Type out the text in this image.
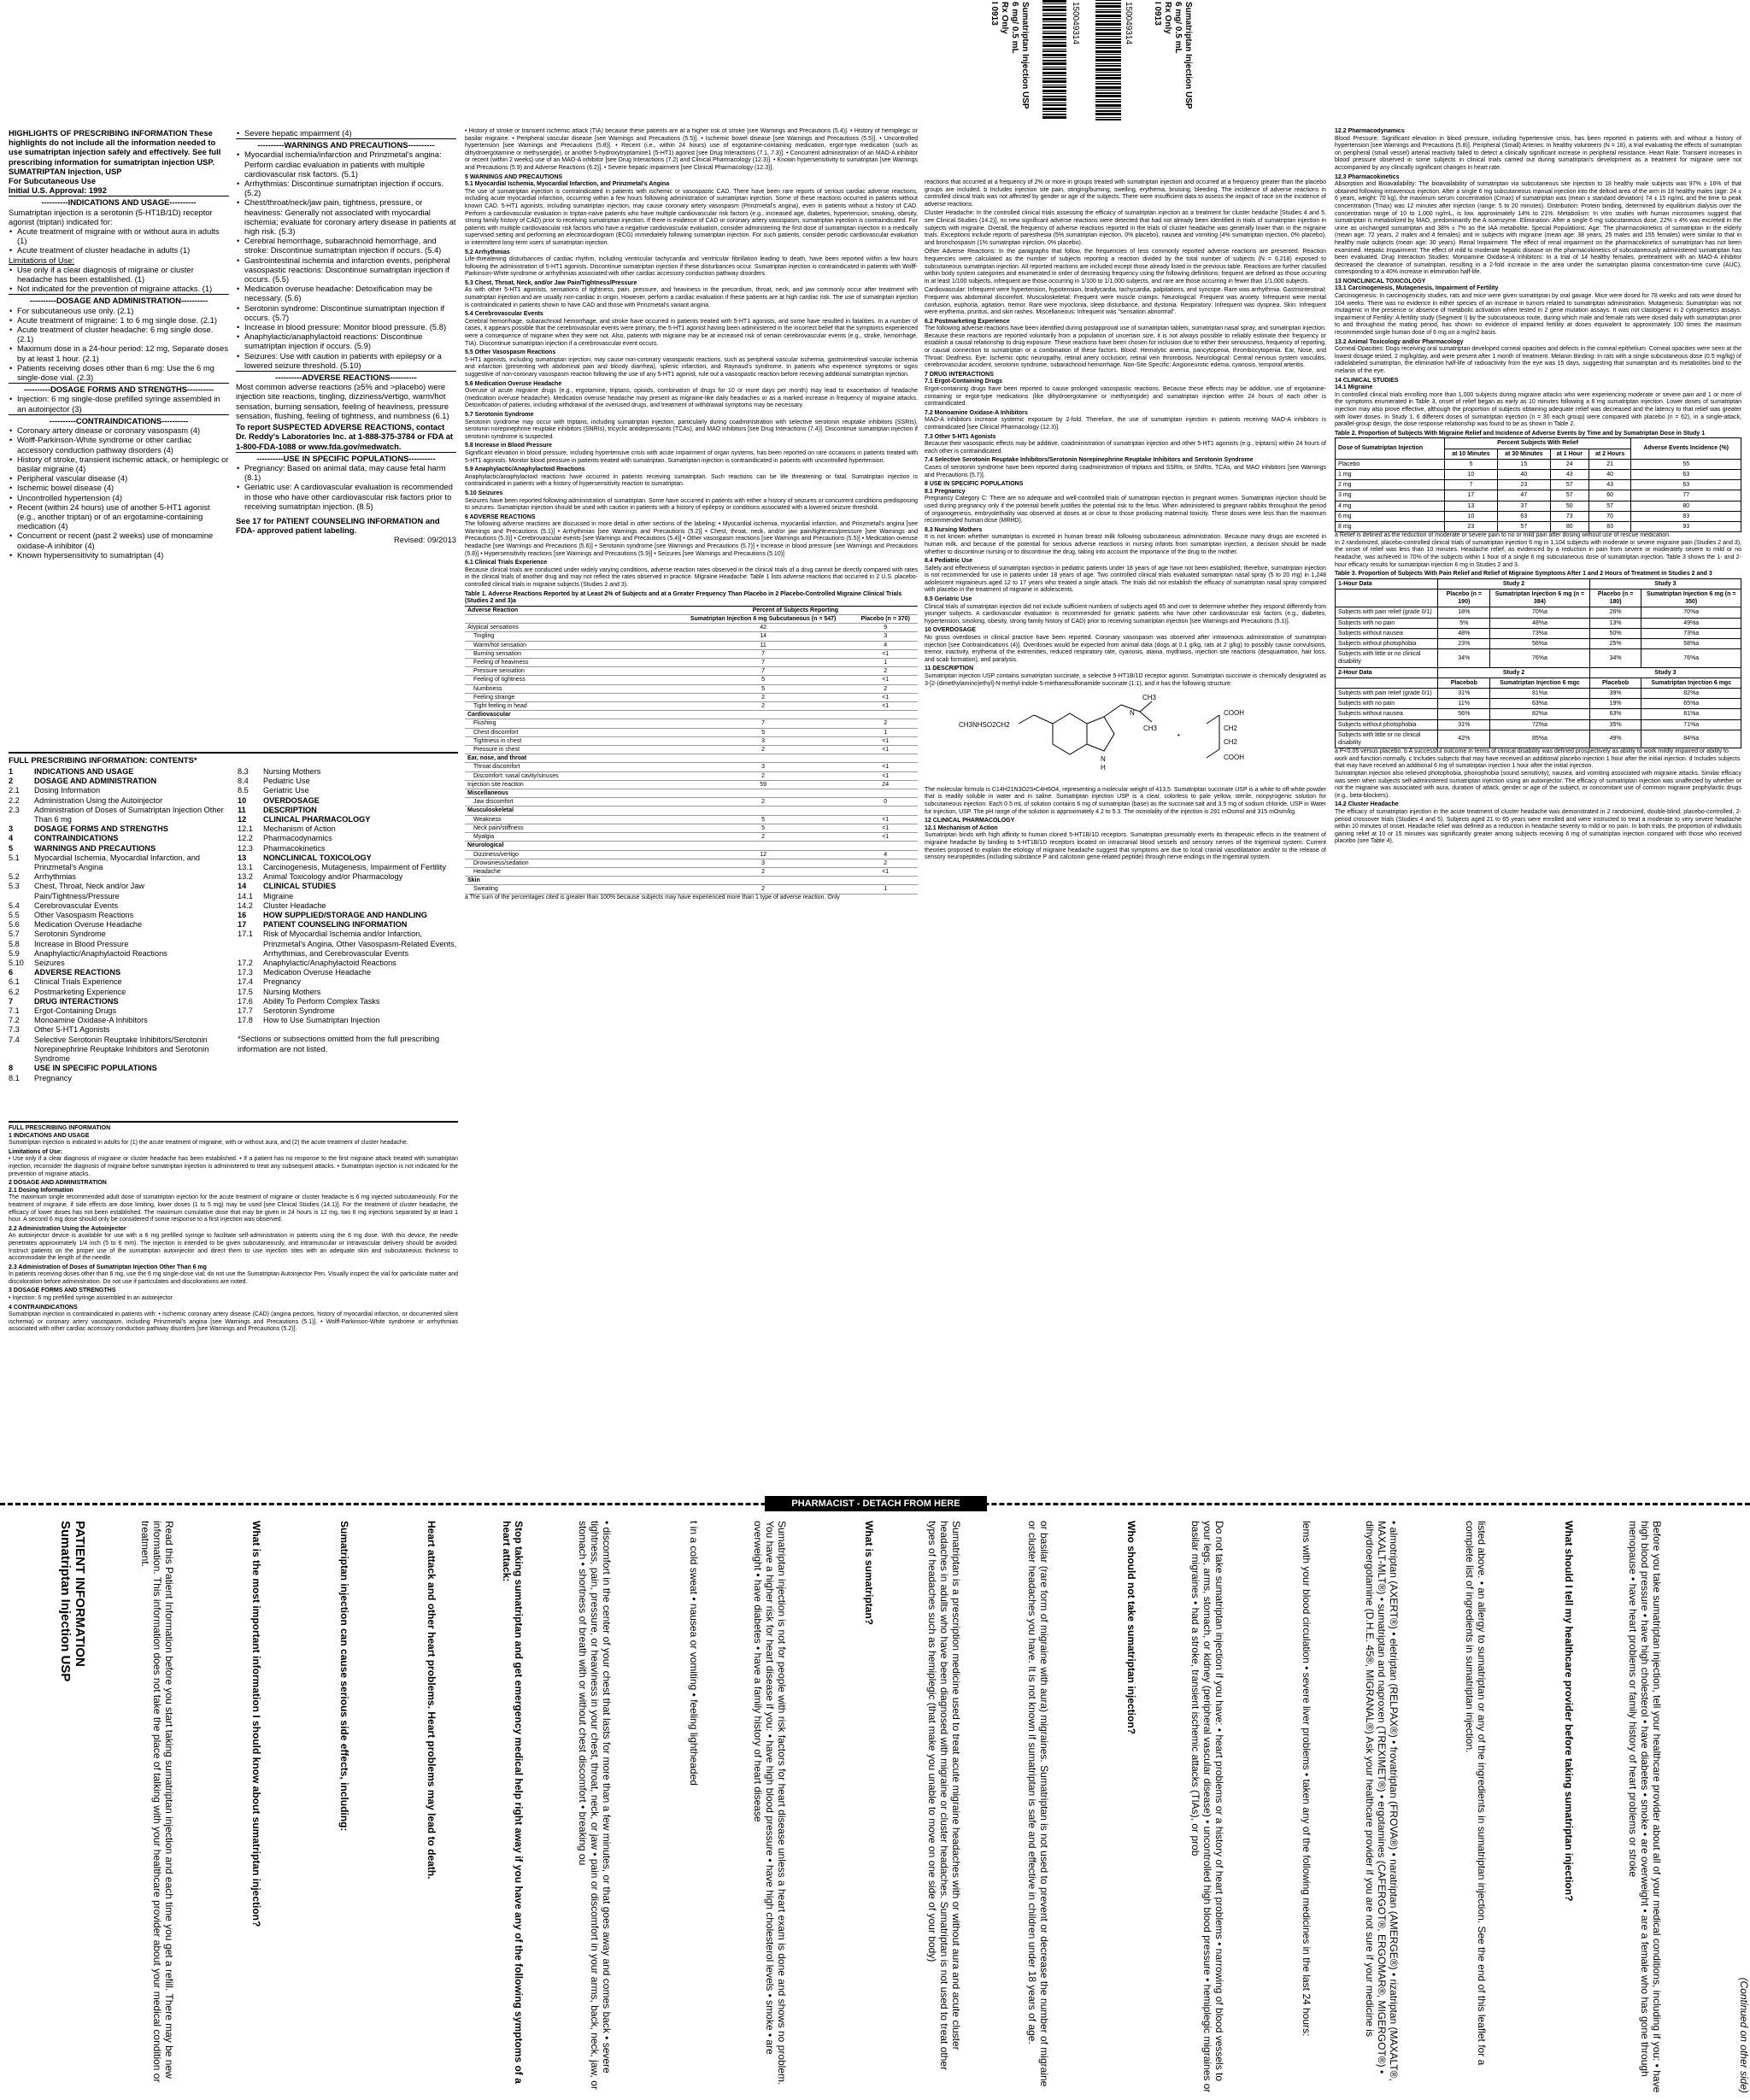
Sumatriptan Injection USP
6 mg/ 0.5 mL
Rx Only
I 0913	150049314	150049314	Sumatriptan Injection USP
6 mg/ 0.5 mL
Rx Only
I 0913
HIGHLIGHTS OF PRESCRIBING INFORMATION These highlights do not include all the information needed to use sumatriptan injection safely and effectively. See full prescribing information for sumatriptan injection USP.
SUMATRIPTAN Injection, USP
For Subcutaneous Use
Initial U.S. Approval: 1992
----------INDICATIONS AND USAGE----------
Sumatriptan injection is a serotonin (5-HT1B/1D) receptor agonist (triptan) indicated for:
• Acute treatment of migraine with or without aura in adults (1)
• Acute treatment of cluster headache in adults (1)
Limitations of Use:
• Use only if a clear diagnosis of migraine or cluster headache has been established. (1)
• Not indicated for the prevention of migraine attacks. (1)
----------DOSAGE AND ADMINISTRATION----------
• For subcutaneous use only. (2.1)
• Acute treatment of migraine: 1 to 6 mg single dose. (2.1)
• Acute treatment of cluster headache: 6 mg single dose. (2.1)
• Maximum dose in a 24-hour period: 12 mg, Separate doses by at least 1 hour. (2.1)
• Patients receiving doses other than 6 mg: Use the 6 mg single-dose vial. (2.3)
----------DOSAGE FORMS AND STRENGTHS----------
• Injection: 6 mg single-dose prefilled syringe assembled in an autoinjector (3)
----------CONTRAINDICATIONS----------
• Coronary artery disease or coronary vasospasm (4)
• Wolff-Parkinson-White syndrome or other cardiac accessory conduction pathway disorders (4)
• History of stroke, transient ischemic attack, or hemiplegic or basilar migraine (4)
• Peripheral vascular disease (4)
• Ischemic bowel disease (4)
• Uncontrolled hypertension (4)
• Recent (within 24 hours) use of another 5-HT1 agonist (e.g., another triptan) or of an ergotamine-containing medication (4)
• Concurrent or recent (past 2 weeks) use of monoamine oxidase-A inhibitor (4)
• Known hypersensitivity to sumatriptan (4)
• Severe hepatic impairment (4)
----------WARNINGS AND PRECAUTIONS----------
• Myocardial ischemia/infarction and Prinzmetal's angina: Perform cardiac evaluation in patients with multiple cardiovascular risk factors. (5.1)
• Arrhythmias: Discontinue sumatriptan injection if occurs. (5.2)
• Chest/throat/neck/jaw pain, tightness, pressure, or heaviness: Generally not associated with myocardial ischemia; evaluate for coronary artery disease in patients at high risk. (5.3)
• Cerebral hemorrhage, subarachnoid hemorrhage, and stroke: Discontinue sumatriptan injection if occurs. (5.4)
• Gastrointestinal ischemia and infarction events, peripheral vasospastic reactions: Discontinue sumatriptan injection if occurs. (5.5)
• Medication overuse headache: Detoxification may be necessary. (5.6)
• Serotonin syndrome: Discontinue sumatriptan injection if occurs. (5.7)
• Increase in blood pressure: Monitor blood pressure. (5.8)
• Anaphylactic/anaphylactoid reactions: Discontinue sumatriptan injection if occurs. (5.9)
• Seizures: Use with caution in patients with epilepsy or a lowered seizure threshold. (5.10)
----------ADVERSE REACTIONS----------
Most common adverse reactions (≥5% and >placebo) were injection site reactions, tingling, dizziness/vertigo, warm/hot sensation, burning sensation, feeling of heaviness, pressure sensation, flushing, feeling of tightness, and numbness (6.1)
To report SUSPECTED ADVERSE REACTIONS, contact Dr. Reddy's Laboratories Inc. at 1-888-375-3784 or FDA at 1-800-FDA-1088 or www.fda.gov/medwatch.
----------USE IN SPECIFIC POPULATIONS----------
• Pregnancy: Based on animal data, may cause fetal harm (8.1)
• Geriatric use: A cardiovascular evaluation is recommended in those who have other cardiovascular risk factors prior to receiving sumatriptan injection. (8.5)
See 17 for PATIENT COUNSELING INFORMATION and FDA- approved patient labeling.
Revised: 09/2013
FULL PRESCRIBING INFORMATION: CONTENTS*
1	INDICATIONS AND USAGE
2	DOSAGE AND ADMINISTRATION
2.1	Dosing Information
2.2	Administration Using the Autoinjector
2.3	Administration of Doses of Sumatriptan Injection Other Than 6 mg
3	DOSAGE FORMS AND STRENGTHS
4	CONTRAINDICATIONS
5	WARNINGS AND PRECAUTIONS
5.1	Myocardial Ischemia, Myocardial Infarction, and Prinzmetal's Angina
5.2	Arrhythmias
5.3	Chest, Throat, Neck and/or Jaw Pain/Tightness/Pressure
5.4	Cerebrovascular Events
5.5	Other Vasospasm Reactions
5.6	Medication Overuse Headache
5.7	Serotonin Syndrome
5.8	Increase in Blood Pressure
5.9	Anaphylactic/Anaphylactoid Reactions
5.10	Seizures
6	ADVERSE REACTIONS
6.1	Clinical Trials Experience
6.2	Postmarketing Experience
7	DRUG INTERACTIONS
7.1	Ergot-Containing Drugs
7.2	Monoamine Oxidase-A Inhibitors
7.3	Other 5-HT1 Agonists
7.4	Selective Serotonin Reuptake Inhibitors/Serotonin Norepinephrine Reuptake Inhibitors and Serotonin Syndrome
8	USE IN SPECIFIC POPULATIONS
8.1	Pregnancy
8.3	Nursing Mothers
8.4	Pediatric Use
8.5	Geriatric Use
10	OVERDOSAGE
11	DESCRIPTION
12	CLINICAL PHARMACOLOGY
12.1	Mechanism of Action
12.2	Pharmacodynamics
12.3	Pharmacokinetics
13	NONCLINICAL TOXICOLOGY
13.1	Carcinogenesis, Mutagenesis, Impairment of Fertility
13.2	Animal Toxicology and/or Pharmacology
14	CLINICAL STUDIES
14.1	Migraine
14.2	Cluster Headache
16	HOW SUPPLIED/STORAGE AND HANDLING
17	PATIENT COUNSELING INFORMATION
17.1	Risk of Myocardial Ischemia and/or Infarction, Prinzmetal's Angina, Other Vasospasm-Related Events, Arrhythmias, and Cerebrovascular Events
17.2	Anaphylactic/Anaphylactoid Reactions
17.3	Medication Overuse Headache
17.4	Pregnancy
17.5	Nursing Mothers
17.6	Ability To Perform Complex Tasks
17.7	Serotonin Syndrome
17.8	How to Use Sumatriptan Injection
*Sections or subsections omitted from the full prescribing information are not listed.
FULL PRESCRIBING INFORMATION
1 INDICATIONS AND USAGE
Sumatriptan injection is indicated in adults for (1) the acute treatment of migraine, with or without aura, and (2) the acute treatment of cluster headache.
Limitations of Use:
• Use only if a clear diagnosis of migraine or cluster headache has been established. • If a patient has no response to the first migraine attack treated with sumatriptan injection, reconsider the diagnosis of migraine before sumatriptan injection is administered to treat any subsequent attacks. • Sumatriptan injection is not indicated for the prevention of migraine attacks.
2 DOSAGE AND ADMINISTRATION
2.1 Dosing Information
The maximum single recommended adult dose of sumatriptan injection for the acute treatment of migraine or cluster headache is 6 mg injected subcutaneously. For the treatment of migraine, if side effects are dose limiting, lower doses (1 to 5 mg) may be used [see Clinical Studies (14.1)]. For the treatment of cluster headache, the efficacy of lower doses has not been established. The maximum cumulative dose that may be given in 24 hours is 12 mg, two 6 mg injections separated by at least 1 hour. A second 6 mg dose should only be considered if some response to a first injection was observed.
2.2 Administration Using the Autoinjector
An autoinjector device is available for use with a 6 mg prefilled syringe to facilitate self-administration in patients using the 6 mg dose. With this device, the needle penetrates approximately 1/4 inch (5 to 6 mm). The injection is intended to be given subcutaneously, and intramuscular or intravascular delivery should be avoided. Instruct patients on the proper use of the sumatriptan autoinjector and direct them to use injection sites with an adequate skin and subcutaneous thickness to accommodate the length of the needle.
2.3 Administration of Doses of Sumatriptan Injection Other Than 6 mg
In patients receiving doses other than 6 mg, use the 6 mg single-dose vial; do not use the Sumatriptan Autoinjector Pen. Visually inspect the vial for particulate matter and discoloration before administration. Do not use if particulates and discolorations are noted.
3 DOSAGE FORMS AND STRENGTHS
• Injection: 6 mg prefilled syringe assembled in an autoinjector
4 CONTRAINDICATIONS
Sumatriptan injection is contraindicated in patients with: • Ischemic coronary artery disease (CAD) (angina pectoris, history of myocardial infarction, or documented silent ischemia) or coronary artery vasospasm, including Prinzmetal's angina [see Warnings and Precautions (5.1)]. • Wolff-Parkinson-White syndrome or arrhythmias associated with other cardiac accessory conduction pathway disorders [see Warnings and Precautions (5.2)].
• History of stroke or transient ischemic attack (TIA) because these patients are at a higher risk of stroke [see Warnings and Precautions (5.4)]. • History of hemiplegic or basilar migraine. • Peripheral vascular disease [see Warnings and Precautions (5.5)]. • Ischemic bowel disease [see Warnings and Precautions (5.5)]. • Uncontrolled hypertension [see Warnings and Precautions (5.8)]. • Recent (i.e., within 24 hours) use of ergotamine-containing medication, ergot-type medication (such as dihydroergotamine or methysergide), or another 5-hydroxytryptamine1 (5-HT1) agonist [see Drug Interactions (7.1, 7.3)]. • Concurrent administration of an MAO-A inhibitor or recent (within 2 weeks) use of an MAO-A inhibitor [see Drug Interactions (7.2) and Clinical Pharmacology (12.3)]. • Known hypersensitivity to sumatriptan [see Warnings and Precautions (5.9) and Adverse Reactions (6.2)]. • Severe hepatic impairment [see Clinical Pharmacology (12.3)].
5 WARNINGS AND PRECAUTIONS
5.1 Myocardial Ischemia, Myocardial Infarction, and Prinzmetal's Angina
The use of sumatriptan injection is contraindicated in patients with ischemic or vasospastic CAD. There have been rare reports of serious cardiac adverse reactions, including acute myocardial infarction, occurring within a few hours following administration of sumatriptan injection. Some of these reactions occurred in patients without known CAD. 5-HT1 agonists, including sumatriptan injection, may cause coronary artery vasospasm (Prinzmetal's angina), even in patients without a history of CAD. Perform a cardiovascular evaluation in triptan-naive patients who have multiple cardiovascular risk factors (e.g., increased age, diabetes, hypertension, smoking, obesity, strong family history of CAD) prior to receiving sumatriptan injection. If there is evidence of CAD or coronary artery vasospasm, sumatriptan injection is contraindicated. For patients with multiple cardiovascular risk factors who have a negative cardiovascular evaluation, consider administering the first dose of sumatriptan injection in a medically supervised setting and performing an electrocardiogram (ECG) immediately following sumatriptan injection. For such patients, consider periodic cardiovascular evaluation in intermittent long-term users of sumatriptan injection.
5.2 Arrhythmias
Life-threatening disturbances of cardiac rhythm, including ventricular tachycardia and ventricular fibrillation leading to death, have been reported within a few hours following the administration of 5-HT1 agonists. Discontinue sumatriptan injection if these disturbances occur. Sumatriptan injection is contraindicated in patients with Wolff-Parkinson-White syndrome or arrhythmias associated with other cardiac accessory conduction pathway disorders.
5.3 Chest, Throat, Neck, and/or Jaw Pain/Tightness/Pressure
As with other 5-HT1 agonists, sensations of tightness, pain, pressure, and heaviness in the precordium, throat, neck, and jaw commonly occur after treatment with sumatriptan injection and are usually non-cardiac in origin. However, perform a cardiac evaluation if these patients are at high cardiac risk. The use of sumatriptan injection is contraindicated in patients shown to have CAD and those with Prinzmetal's variant angina.
5.4 Cerebrovascular Events
Cerebral hemorrhage, subarachnoid hemorrhage, and stroke have occurred in patients treated with 5-HT1 agonists, and some have resulted in fatalities. In a number of cases, it appears possible that the cerebrovascular events were primary, the 5-HT1 agonist having been administered in the incorrect belief that the symptoms experienced were a consequence of migraine when they were not. Also, patients with migraine may be at increased risk of certain cerebrovascular events (e.g., stroke, hemorrhage, TIA). Discontinue sumatriptan injection if a cerebrovascular event occurs.
5.5 Other Vasospasm Reactions
5-HT1 agonists, including sumatriptan injection, may cause non-coronary vasospastic reactions, such as peripheral vascular ischemia, gastrointestinal vascular ischemia and infarction (presenting with abdominal pain and bloody diarrhea), splenic infarction, and Raynaud's syndrome. In patients who experience symptoms or signs suggestive of non-coronary vasospasm reaction following the use of any 5-HT1 agonist, rule out a vasospastic reaction before receiving additional sumatriptan injection.
5.6 Medication Overuse Headache
Overuse of acute migraine drugs (e.g., ergotamine, triptans, opioids, combination of drugs for 10 or more days per month) may lead to exacerbation of headache (medication overuse headache). Medication overuse headache may present as migraine-like daily headaches or as a marked increase in frequency of migraine attacks. Detoxification of patients, including withdrawal of the overused drugs, and treatment of withdrawal symptoms may be necessary.
5.7 Serotonin Syndrome
Serotonin syndrome may occur with triptans, including sumatriptan injection, particularly during coadministration with selective serotonin reuptake inhibitors (SSRIs), serotonin norepinephrine reuptake inhibitors (SNRIs), tricyclic antidepressants (TCAs), and MAO inhibitors [see Drug Interactions (7.4)]. Discontinue sumatriptan injection if serotonin syndrome is suspected.
5.8 Increase in Blood Pressure
Significant elevation in blood pressure, including hypertensive crisis with acute impairment of organ systems, has been reported on rare occasions in patients treated with 5-HT1 agonists. Monitor blood pressure in patients treated with sumatriptan. Sumatriptan injection is contraindicated in patients with uncontrolled hypertension.
5.9 Anaphylactic/Anaphylactoid Reactions
Anaphylactic/anaphylactoid reactions have occurred in patients receiving sumatriptan. Such reactions can be life threatening or fatal. Sumatriptan injection is contraindicated in patients with a history of hypersensitivity reaction to sumatriptan.
5.10 Seizures
Seizures have been reported following administration of sumatriptan. Some have occurred in patients with either a history of seizures or concurrent conditions predisposing to seizures. Sumatriptan injection should be used with caution in patients with a history of epilepsy or conditions associated with a lowered seizure threshold.
6 ADVERSE REACTIONS
The following adverse reactions are discussed in more detail in other sections of the labeling: • Myocardial ischemia, myocardial infarction, and Prinzmetal's angina [see Warnings and Precautions (5.1)] • Arrhythmias [see Warnings and Precautions (5.2)] • Chest, throat, neck, and/or jaw pain/tightness/pressure [see Warnings and Precautions (5.3)] • Cerebrovascular events [see Warnings and Precautions (5.4)] • Other vasospasm reactions [see Warnings and Precautions (5.5)] • Medication overuse headache [see Warnings and Precautions (5.6)] • Serotonin syndrome [see Warnings and Precautions (5.7)] • Increase in blood pressure [see Warnings and Precautions (5.8)] • Hypersensitivity reactions [see Warnings and Precautions (5.9)] • Seizures [see Warnings and Precautions (5.10)]
6.1 Clinical Trials Experience
Because clinical trials are conducted under widely varying conditions, adverse reaction rates observed in the clinical trials of a drug cannot be directly compared with rates in the clinical trials of another drug and may not reflect the rates observed in practice. Migraine Headache: Table 1 lists adverse reactions that occurred in 2 U.S. placebo-controlled clinical trials in migraine subjects (Studies 2 and 3).
Table 1. Adverse Reactions Reported by at Least 2% of Subjects and at a Greater Frequency Than Placebo in 2 Placebo-Controlled Migraine Clinical Trials (Studies 2 and 3)a
Adverse Reaction	Percent of Subjects Reporting	
	Sumatriptan Injection 6 mg Subcutaneous (n = 547)	Placebo (n = 370)
Atypical sensations	42	9
Tingling	14	3
Warm/hot sensation	11	4
Burning sensation	7	<1
Feeling of heaviness	7	1
Pressure sensation	7	2
Feeling of tightness	5	<1
Numbness	5	2
Feeling strange	2	<1
Tight feeling in head	2	<1
Cardiovascular		
Flushing	7	2
Chest discomfort	5	1
Tightness in chest	3	<1
Pressure in chest	2	<1
Ear, nose, and throat		
Throat discomfort	3	<1
Discomfort: nasal cavity/sinuses	2	<1
Injection site reaction	59	24
Miscellaneous		
Jaw discomfort	2	0
Musculoskeletal		
Weakness	5	<1
Neck pain/stiffness	5	<1
Myalgia	2	<1
Neurological		
Dizziness/vertigo	12	4
Drowsiness/sedation	3	2
Headache	2	<1
Skin		
Sweating	2	1
a The sum of the percentages cited is greater than 100% because subjects may have experienced more than 1 type of adverse reaction. Only
reactions that occurred at a frequency of 2% or more in groups treated with sumatriptan injection and occurred at a frequency greater than the placebo groups are included. b Includes injection site pain, stinging/burning, swelling, erythema, bruising, bleeding. The incidence of adverse reactions in controlled clinical trials was not affected by gender or age of the subjects. There were insufficient data to assess the impact of race on the incidence of adverse reactions.
Cluster Headache: In the controlled clinical trials assessing the efficacy of sumatriptan injection as a treatment for cluster headache [Studies 4 and 5, see Clinical Studies (14.2)], no new significant adverse reactions were detected that had not already been identified in trials of sumatriptan injection in subjects with migraine. Overall, the frequency of adverse reactions reported in the trials of cluster headache was generally lower than in the migraine trials. Exceptions include reports of paresthesia (5% sumatriptan injection, 0% placebo), nausea and vomiting (4% sumatriptan injection, 0% placebo), and bronchospasm (1% sumatriptan injection, 0% placebo).
Other Adverse Reactions: In the paragraphs that follow, the frequencies of less commonly reported adverse reactions are presented. Reaction frequencies were calculated as the number of subjects reporting a reaction divided by the total number of subjects (N = 6,218) exposed to subcutaneous sumatriptan injection. All reported reactions are included except those already listed in the previous table. Reactions are further classified within body system categories and enumerated in order of decreasing frequency using the following definitions: frequent are defined as those occurring in at least 1/100 subjects, infrequent are those occurring in 1/100 to 1/1,000 subjects, and rare are those occurring in fewer than 1/1,000 subjects.
Cardiovascular: Infrequent were hypertension, hypotension, bradycardia, tachycardia, palpitations, and syncope. Rare was arrhythmia. Gastrointestinal: Frequent was abdominal discomfort. Musculoskeletal: Frequent were muscle cramps. Neurological: Frequent was anxiety. Infrequent were mental confusion, euphoria, agitation, tremor. Rare were myoclonia, sleep disturbance, and dystonia. Respiratory: Infrequent was dyspnea. Skin: Infrequent were erythema, pruritus, and skin rashes. Miscellaneous: Infrequent was "sensation abnormal".
6.2 Postmarketing Experience
The following adverse reactions have been identified during postapproval use of sumatriptan tablets, sumatriptan nasal spray, and sumatriptan injection. Because these reactions are reported voluntarily from a population of uncertain size, it is not always possible to reliably estimate their frequency or establish a causal relationship to drug exposure. These reactions have been chosen for inclusion due to either their seriousness, frequency of reporting, or causal connection to sumatriptan or a combination of these factors. Blood: Hemolytic anemia, pancytopenia, thrombocytopenia. Ear, Nose, and Throat: Deafness. Eye: Ischemic optic neuropathy, retinal artery occlusion, retinal vein thrombosis. Neurological: Central nervous system vasculitis, cerebrovascular accident, serotonin syndrome, subarachnoid hemorrhage. Non-Site Specific: Angioneurotic edema, cyanosis, temporal arteritis.
7 DRUG INTERACTIONS
7.1 Ergot-Containing Drugs
Ergot-containing drugs have been reported to cause prolonged vasospastic reactions. Because these effects may be additive, use of ergotamine-containing or ergot-type medications (like dihydroergotamine or methysergide) and sumatriptan injection within 24 hours of each other is contraindicated.
7.2 Monoamine Oxidase-A Inhibitors
MAO-A inhibitors increase systemic exposure by 2-fold. Therefore, the use of sumatriptan injection in patients receiving MAO-A inhibitors is contraindicated [see Clinical Pharmacology (12.3)].
7.3 Other 5-HT1 Agonists
Because their vasospastic effects may be additive, coadministration of sumatriptan injection and other 5-HT1 agonists (e.g., triptans) within 24 hours of each other is contraindicated.
7.4 Selective Serotonin Reuptake Inhibitors/Serotonin Norepinephrine Reuptake Inhibitors and Serotonin Syndrome
Cases of serotonin syndrome have been reported during coadministration of triptans and SSRIs, or SNRIs, TCAs, and MAO inhibitors [see Warnings and Precautions (5.7)].
8 USE IN SPECIFIC POPULATIONS
8.1 Pregnancy
Pregnancy Category C: There are no adequate and well-controlled trials of sumatriptan injection in pregnant women. Sumatriptan injection should be used during pregnancy only if the potential benefit justifies the potential risk to the fetus. When administered to pregnant rabbits throughout the period of organogenesis, embryolethality was observed at doses at or close to those producing maternal toxicity. These doses were less than the maximum recommended human dose (MRHD).
8.3 Nursing Mothers
It is not known whether sumatriptan is excreted in human breast milk following subcutaneous administration. Because many drugs are excreted in human milk, and because of the potential for serious adverse reactions in nursing infants from sumatriptan injection, a decision should be made whether to discontinue nursing or to discontinue the drug, taking into account the importance of the drug to the mother.
8.4 Pediatric Use
Safety and effectiveness of sumatriptan injection in pediatric patients under 18 years of age have not been established; therefore, sumatriptan injection is not recommended for use in patients under 18 years of age. Two controlled clinical trials evaluated sumatriptan nasal spray (5 to 20 mg) in 1,248 adolescent migraineurs aged 12 to 17 years who treated a single attack. The trials did not establish the efficacy of sumatriptan nasal spray compared with placebo in the treatment of migraine in adolescents.
8.5 Geriatric Use
Clinical trials of sumatriptan injection did not include sufficient numbers of subjects aged 65 and over to determine whether they respond differently from younger subjects. A cardiovascular evaluation is recommended for geriatric patients who have other cardiovascular risk factors (e.g., diabetes, hypertension, smoking, obesity, strong family history of CAD) prior to receiving sumatriptan injection [see Warnings and Precautions (5.1)].
10 OVERDOSAGE
No gross overdoses in clinical practice have been reported. Coronary vasospasm was observed after intravenous administration of sumatriptan injection [see Contraindications (4)]. Overdoses would be expected from animal data (dogs at 0.1 g/kg, rats at 2 g/kg) to possibly cause convulsions, tremor, inactivity, erythema of the extremities, reduced respiratory rate, cyanosis, ataxia, mydriasis, injection site reactions (desquamation, hair loss, and scab formation), and paralysis.
11 DESCRIPTION
Sumatriptan injection USP contains sumatriptan succinate, a selective 5-HT1B/1D receptor agonist. Sumatriptan succinate is chemically designated as 3-[2-(dimethylamino)ethyl]-N-methyl-indole-5-methanesulfonamide succinate (1:1), and it has the following structure:
CH3NHSO2CH2
CH3
CH3
N
N
H
•
COOH
CH2
CH2
COOH
The molecular formula is C14H21N3O2S•C4H6O4, representing a molecular weight of 413.5. Sumatriptan succinate USP is a white to off-white powder that is readily soluble in water and in saline. Sumatriptan injection USP is a clear, colorless to pale yellow, sterile, nonpyrogenic solution for subcutaneous injection. Each 0.5 mL of solution contains 6 mg of sumatriptan (base) as the succinate salt and 3.5 mg of sodium chloride, USP in Water for Injection, USP. The pH range of the solution is approximately 4.2 to 5.3. The osmolality of the injection is 291 mOsmol and 315 mOsm/kg.
12 CLINICAL PHARMACOLOGY
12.1 Mechanism of Action
Sumatriptan binds with high affinity to human cloned 5-HT1B/1D receptors. Sumatriptan presumably exerts its therapeutic effects in the treatment of migraine headache by binding to 5-HT1B/1D receptors located on intracranial blood vessels and sensory nerves of the trigeminal system. Current theories proposed to explain the etiology of migraine headache suggest that symptoms are due to local cranial vasodilatation and/or to the release of sensory neuropeptides (including substance P and calcitonin gene-related peptide) through nerve endings in the trigeminal system.
12.2 Pharmacodynamics
Blood Pressure: Significant elevation in blood pressure, including hypertensive crisis, has been reported in patients with and without a history of hypertension [see Warnings and Precautions (5.8)]. Peripheral (Small) Arteries: In healthy volunteers (N = 18), a trial evaluating the effects of sumatriptan on peripheral (small vessel) arterial reactivity failed to detect a clinically significant increase in peripheral resistance. Heart Rate: Transient increases in blood pressure observed in some subjects in clinical trials carried out during sumatriptan's development as a treatment for migraine were not accompanied by any clinically significant changes in heart rate.
12.3 Pharmacokinetics
Absorption and Bioavailability: The bioavailability of sumatriptan via subcutaneous site injection to 18 healthy male subjects was 97% ± 16% of that obtained following intravenous injection. After a single 6 mg subcutaneous manual injection into the deltoid area of the arm in 18 healthy males (age: 24 ± 6 years, weight: 70 kg), the maximum serum concentration (Cmax) of sumatriptan was (mean ± standard deviation) 74 ± 15 ng/mL and the time to peak concentration (Tmax) was 12 minutes after injection (range: 5 to 20 minutes). Distribution: Protein binding, determined by equilibrium dialysis over the concentration range of 10 to 1,000 ng/mL, is low, approximately 14% to 21%. Metabolism: In vitro studies with human microsomes suggest that sumatriptan is metabolized by MAO, predominantly the A isoenzyme. Elimination: After a single 6 mg subcutaneous dose, 22% ± 4% was excreted in the urine as unchanged sumatriptan and 38% ± 7% as the IAA metabolite. Special Populations: Age: The pharmacokinetics of sumatriptan in the elderly (mean age: 72 years, 2 males and 4 females) and in subjects with migraine (mean age: 38 years, 25 males and 155 females) were similar to that in healthy male subjects (mean age: 30 years). Renal Impairment: The effect of renal impairment on the pharmacokinetics of sumatriptan has not been examined. Hepatic Impairment: The effect of mild to moderate hepatic disease on the pharmacokinetics of subcutaneously administered sumatriptan has been evaluated. Drug Interaction Studies: Monoamine Oxidase-A Inhibitors: In a trial of 14 healthy females, pretreatment with an MAO-A inhibitor decreased the clearance of sumatriptan, resulting in a 2-fold increase in the area under the sumatriptan plasma concentration-time curve (AUC), corresponding to a 40% increase in elimination half-life.
13 NONCLINICAL TOXICOLOGY
13.1 Carcinogenesis, Mutagenesis, Impairment of Fertility
Carcinogenesis: In carcinogenicity studies, rats and mice were given sumatriptan by oral gavage. Mice were dosed for 78 weeks and rats were dosed for 104 weeks. There was no evidence in either species of an increase in tumors related to sumatriptan administration. Mutagenesis: Sumatriptan was not mutagenic in the presence or absence of metabolic activation when tested in 2 gene mutation assays. It was not clastogenic in 2 cytogenetics assays. Impairment of Fertility: A fertility study (Segment I) by the subcutaneous route, during which male and female rats were dosed daily with sumatriptan prior to and throughout the mating period, has shown no evidence of impaired fertility at doses equivalent to approximately 100 times the maximum recommended single human dose of 6 mg on a mg/m2 basis.
13.2 Animal Toxicology and/or Pharmacology
Corneal Opacities: Dogs receiving oral sumatriptan developed corneal opacities and defects in the corneal epithelium. Corneal opacities were seen at the lowest dosage tested, 2 mg/kg/day, and were present after 1 month of treatment. Melanin Binding: In rats with a single subcutaneous dose (0.5 mg/kg) of radiolabeled sumatriptan, the elimination half-life of radioactivity from the eye was 15 days, suggesting that sumatriptan and its metabolites bind to the melanin of the eye.
14 CLINICAL STUDIES
14.1 Migraine
In controlled clinical trials enrolling more than 1,000 subjects during migraine attacks who were experiencing moderate or severe pain and 1 or more of the symptoms enumerated in Table 3, onset of relief began as early as 10 minutes following a 6 mg sumatriptan injection. Lower doses of sumatriptan injection may also prove effective, although the proportion of subjects obtaining adequate relief was decreased and the latency to that relief was greater with lower doses. In Study 1, 6 different doses of sumatriptan injection (n = 30 each group) were compared with placebo (n = 62), in a single-attack, parallel-group design, the dose response relationship was found to be as shown in Table 2.
Table 2. Proportion of Subjects With Migraine Relief and Incidence of Adverse Events by Time and by Sumatriptan Dose in Study 1
Dose of Sumatriptan Injection	Percent Subjects With Relief				Adverse Events Incidence (%)
	at 10 Minutes	at 30 Minutes	at 1 Hour	at 2 Hours	
Placebo	5	15	24	21	55
1 mg	10	40	43	40	63
2 mg	7	23	57	43	63
3 mg	17	47	57	60	77
4 mg	13	37	50	57	80
6 mg	10	63	73	70	83
8 mg	23	57	80	83	93
a Relief is defined as the reduction of moderate or severe pain to no or mild pain after dosing without use of rescue medication.
In 2 randomized, placebo-controlled clinical trials of sumatriptan injection 6 mg in 1,104 subjects with moderate or severe migraine pain (Studies 2 and 3), the onset of relief was less than 10 minutes. Headache relief, as evidenced by a reduction in pain from severe or moderately severe to mild or no headache, was achieved in 70% of the subjects within 1 hour of a single 6 mg subcutaneous dose of sumatriptan injection. Table 3 shows the 1- and 2-hour efficacy results for sumatriptan injection 6 mg in Studies 2 and 3.
Table 3. Proportion of Subjects With Pain Relief and Relief of Migraine Symptoms After 1 and 2 Hours of Treatment in Studies 2 and 3
1-Hour Data	Study 2		Study 3	
	Placebo (n = 190)	Sumatriptan Injection 6 mg (n = 384)	Placebo (n = 180)	Sumatriptan Injection 6 mg (n = 350)
Subjects with pain relief (grade 0/1)	18%	70%a	26%	70%a
Subjects with no pain	5%	48%a	13%	49%a
Subjects without nausea	48%	73%a	50%	73%a
Subjects without photophobia	23%	56%a	25%	58%a
Subjects with little or no clinical disability	34%	76%a	34%	76%a
2-Hour Data	Study 2		Study 3	
	Placebob	Sumatriptan Injection 6 mgc	Placebob	Sumatriptan Injection 6 mgc
Subjects with pain relief (grade 0/1)	31%	81%a	39%	82%a
Subjects with no pain	11%	63%a	19%	65%a
Subjects without nausea	56%	82%a	63%	81%a
Subjects without photophobia	31%	72%a	35%	71%a
Subjects with little or no clinical disability	42%	85%a	49%	84%a
a P<0.05 versus placebo. b A successful outcome in terms of clinical disability was defined prospectively as ability to work mildly impaired or ability to work and function normally. c Includes subjects that may have received an additional placebo injection 1 hour after the initial injection. d Includes subjects that may have received an additional 6 mg of sumatriptan injection 1 hour after the initial injection.
Sumatriptan injection also relieved photophobia, phonophobia (sound sensitivity), nausea, and vomiting associated with migraine attacks. Similar efficacy was seen when subjects self-administered sumatriptan injection using an autoinjector. The efficacy of sumatriptan injection was unaffected by whether or not the migraine was associated with aura, duration of attack, gender or age of the subject, or concomitant use of common migraine prophylactic drugs (e.g., beta-blockers).
14.2 Cluster Headache
The efficacy of sumatriptan injection in the acute treatment of cluster headache was demonstrated in 2 randomized, double-blind, placebo-controlled, 2-period crossover trials (Studies 4 and 5). Subjects aged 21 to 65 years were enrolled and were instructed to treat a moderate to very severe headache within 10 minutes of onset. Headache relief was defined as a reduction in headache severity to mild or no pain. In both trials, the proportion of individuals gaining relief at 10 or 15 minutes was significantly greater among subjects receiving 6 mg of sumatriptan injection compared with those who received placebo (see Table 4).
PHARMACIST - DETACH FROM HERE
PATIENT INFORMATION
Sumatriptan Injection USP	Read this Patient Information before you start taking sumatriptan injection and each time you get a refill. There may be new information. This information does not take the place of talking with your healthcare provider about your medical condition or treatment.	What is the most important information I should know about sumatriptan injection?	Sumatriptan injection can cause serious side effects, including:	Heart attack and other heart problems. Heart problems may lead to death.	Stop taking sumatriptan and get emergency medical help right away if you have any of the following symptoms of a heart attack:	• discomfort in the center of your chest that lasts for more than a few minutes, or that goes away and comes back • severe tightness, pain, pressure, or heaviness in your chest, throat, neck, or jaw • pain or discomfort in your arms, back, neck, jaw, or stomach • shortness of breath with or without chest discomfort • breaking ou	t in a cold sweat • nausea or vomiting • feeling lightheaded	Sumatriptan injection is not for people with risk factors for heart disease unless a heart exam is done and shows no problem. You have a higher risk for heart disease if you: • have high blood pressure • have high cholesterol levels • smoke • are overweight • have diabetes • have a family history of heart disease	What is sumatriptan?	Sumatriptan is a prescription medicine used to treat acute migraine headaches with or without aura and acute cluster headaches in adults who have been diagnosed with migraine or cluster headaches. Sumatriptan is not used to treat other types of headaches such as hemiplegic (that make you unable to move on one side of your body)	or basilar (rare form of migraine with aura) migraines. Sumatriptan is not used to prevent or decrease the number of migraine or cluster headaches you have. It is not known if sumatriptan is safe and effective in children under 18 years of age.	Who should not take sumatriptan injection?	Do not take sumatriptan injection if you have: • heart problems or a history of heart problems • narrowing of blood vessels to your legs, arms, stomach, or kidney (peripheral vascular disease) • uncontrolled high blood pressure • hemiplegic migraines or basilar migraines • had a stroke, transient ischemic attacks (TIAs), or prob	lems with your blood circulation • severe liver problems • taken any of the following medicines in the last 24 hours:	• almotriptan (AXERT®) • eletriptan (RELPAX®) • frovatriptan (FROVA®) • naratriptan (AMERGE®) • rizatriptan (MAXALT®, MAXALT-MLT®) • sumatriptan and naproxen (TREXIMET®) • ergotamines (CAFERGOT®, ERGOMAR®, MIGERGOT®) • dihydroergotamine (D.H.E. 45®, MIGRANAL®) Ask your healthcare provider if you are not sure if your medicine is	listed above. • an allergy to sumatriptan or any of the ingredients in sumatriptan injection. See the end of this leaflet for a complete list of ingredients in sumatriptan injection.	What should I tell my healthcare provider before taking sumatriptan injection?	Before you take sumatriptan injection, tell your healthcare provider about all of your medical conditions, including if you: • have high blood pressure • have high cholesterol • have diabetes • smoke • are overweight • are a female who has gone through menopause • have heart problems or family history of heart problems or stroke
(Continued on other side)
